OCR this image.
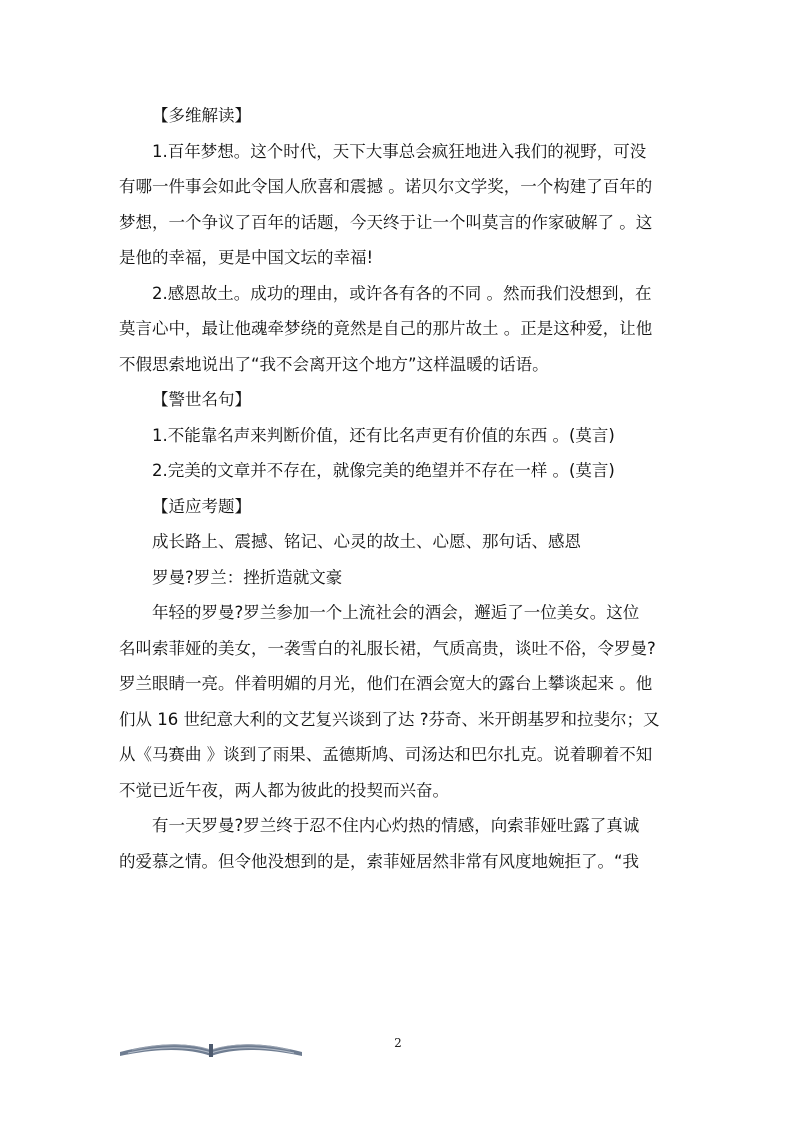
【多维解读】
1.百年梦想。这个时代，天下大事总会疯狂地进入我们的视野，可没
有哪一件事会如此令国人欣喜和震撼 。诺贝尔文学奖，一个构建了百年的
梦想，一个争议了百年的话题，今天终于让一个叫莫言的作家破解了 。这
是他的幸福，更是中国文坛的幸福!
2.感恩故土。成功的理由，或许各有各的不同 。然而我们没想到，在
莫言心中，最让他魂牵梦绕的竟然是自己的那片故土 。正是这种爱，让他
不假思索地说出了“我不会离开这个地方”这样温暖的话语。
【警世名句】
1.不能靠名声来判断价值，还有比名声更有价值的东西 。(莫言)
2.完美的文章并不存在，就像完美的绝望并不存在一样 。(莫言)
【适应考题】
成长路上、震撼、铭记、心灵的故土、心愿、那句话、感恩
罗曼?罗兰：挫折造就文豪
年轻的罗曼?罗兰参加一个上流社会的酒会，邂逅了一位美女。这位
名叫索菲娅的美女，一袭雪白的礼服长裙，气质高贵，谈吐不俗，令罗曼?
罗兰眼睛一亮。伴着明媚的月光，他们在酒会宽大的露台上攀谈起来 。他
们从 16 世纪意大利的文艺复兴谈到了达 ?芬奇、米开朗基罗和拉斐尔；又
从《马赛曲 》谈到了雨果、孟德斯鸠、司汤达和巴尔扎克。说着聊着不知
不觉已近午夜，两人都为彼此的投契而兴奋。
有一天罗曼?罗兰终于忍不住内心灼热的情感，向索菲娅吐露了真诚
的爱慕之情。但令他没想到的是，索菲娅居然非常有风度地婉拒了。“我
2
